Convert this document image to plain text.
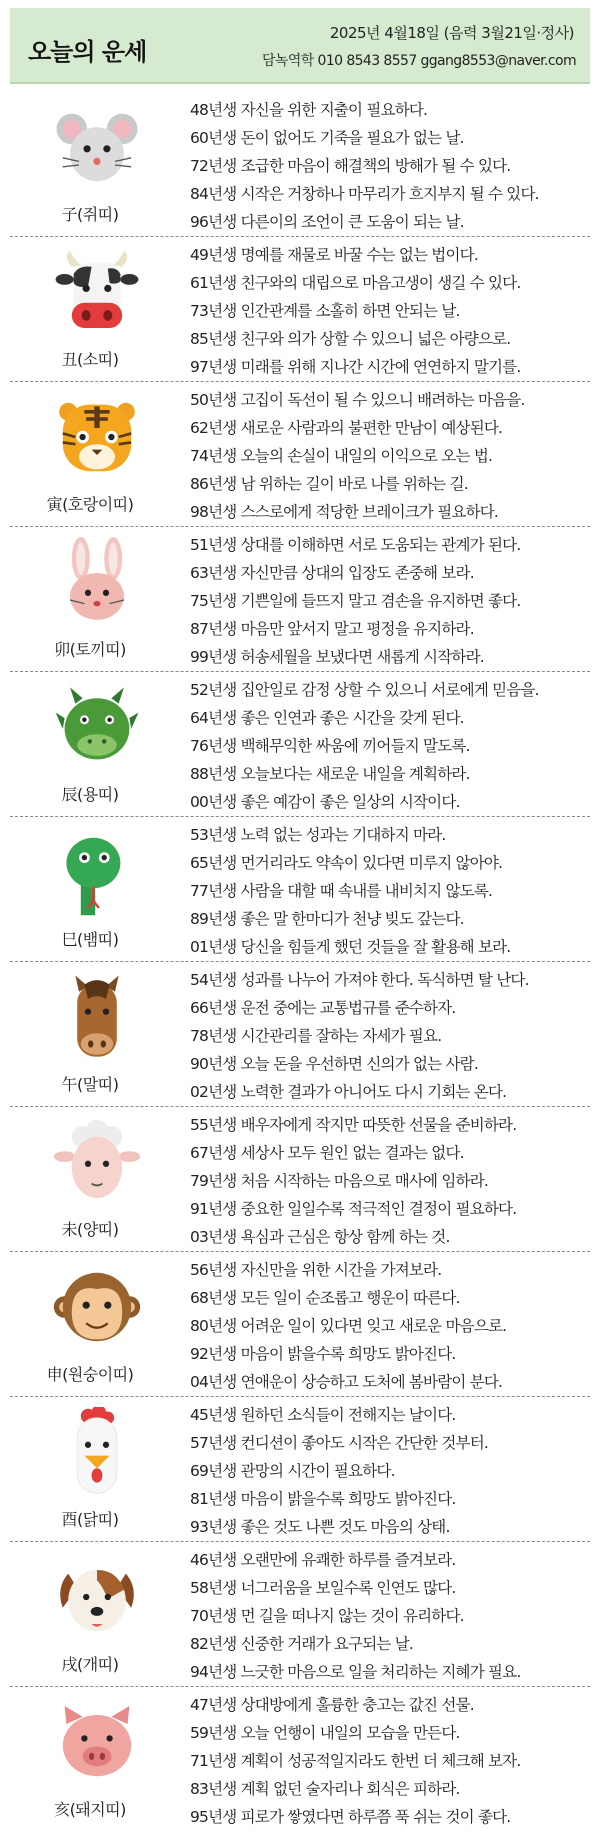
오늘의 운세
2025년 4월18일 (음력 3월21일·정사)
담녹역학 010 8543 8557 ggang8553@naver.com
子(쥐띠)
48년생 자신을 위한 지출이 필요하다.
60년생 돈이 없어도 기죽을 필요가 없는 날.
72년생 조급한 마음이 해결책의 방해가 될 수 있다.
84년생 시작은 거창하나 마무리가 흐지부지 될 수 있다.
96년생 다른이의 조언이 큰 도움이 되는 날.
丑(소띠)
49년생 명예를 재물로 바꿀 수는 없는 법이다.
61년생 친구와의 대립으로 마음고생이 생길 수 있다.
73년생 인간관계를 소홀히 하면 안되는 날.
85년생 친구와 의가 상할 수 있으니 넓은 아량으로.
97년생 미래를 위해 지나간 시간에 연연하지 말기를.
寅(호랑이띠)
50년생 고집이 독선이 될 수 있으니 배려하는 마음을.
62년생 새로운 사람과의 불편한 만남이 예상된다.
74년생 오늘의 손실이 내일의 이익으로 오는 법.
86년생 남 위하는 길이 바로 나를 위하는 길.
98년생 스스로에게 적당한 브레이크가 필요하다.
卯(토끼띠)
51년생 상대를 이해하면 서로 도움되는 관계가 된다.
63년생 자신만큼 상대의 입장도 존중해 보라.
75년생 기쁜일에 들뜨지 말고 겸손을 유지하면 좋다.
87년생 마음만 앞서지 말고 평정을 유지하라.
99년생 허송세월을 보냈다면 새롭게 시작하라.
辰(용띠)
52년생 집안일로 감정 상할 수 있으니 서로에게 믿음을.
64년생 좋은 인연과 좋은 시간을 갖게 된다.
76년생 백해무익한 싸움에 끼어들지 말도록.
88년생 오늘보다는 새로운 내일을 계획하라.
00년생 좋은 예감이 좋은 일상의 시작이다.
巳(뱀띠)
53년생 노력 없는 성과는 기대하지 마라.
65년생 먼거리라도 약속이 있다면 미루지 않아야.
77년생 사람을 대할 때 속내를 내비치지 않도록.
89년생 좋은 말 한마디가 천냥 빚도 갚는다.
01년생 당신을 힘들게 했던 것들을 잘 활용해 보라.
午(말띠)
54년생 성과를 나누어 가져야 한다. 독식하면 탈 난다.
66년생 운전 중에는 교통법규를 준수하자.
78년생 시간관리를 잘하는 자세가 필요.
90년생 오늘 돈을 우선하면 신의가 없는 사람.
02년생 노력한 결과가 아니어도 다시 기회는 온다.
未(양띠)
55년생 배우자에게 작지만 따뜻한 선물을 준비하라.
67년생 세상사 모두 원인 없는 결과는 없다.
79년생 처음 시작하는 마음으로 매사에 임하라.
91년생 중요한 일일수록 적극적인 결정이 필요하다.
03년생 욕심과 근심은 항상 함께 하는 것.
申(원숭이띠)
56년생 자신만을 위한 시간을 가져보라.
68년생 모든 일이 순조롭고 행운이 따른다.
80년생 어려운 일이 있다면 잊고 새로운 마음으로.
92년생 마음이 밝을수록 희망도 밝아진다.
04년생 연애운이 상승하고 도처에 봄바람이 분다.
酉(닭띠)
45년생 원하던 소식들이 전해지는 날이다.
57년생 컨디션이 좋아도 시작은 간단한 것부터.
69년생 관망의 시간이 필요하다.
81년생 마음이 밝을수록 희망도 밝아진다.
93년생 좋은 것도 나쁜 것도 마음의 상태.
戌(개띠)
46년생 오랜만에 유쾌한 하루를 즐겨보라.
58년생 너그러움을 보일수록 인연도 많다.
70년생 먼 길을 떠나지 않는 것이 유리하다.
82년생 신중한 거래가 요구되는 날.
94년생 느긋한 마음으로 일을 처리하는 지혜가 필요.
亥(돼지띠)
47년생 상대방에게 훌륭한 충고는 값진 선물.
59년생 오늘 언행이 내일의 모습을 만든다.
71년생 계획이 성공적일지라도 한번 더 체크해 보자.
83년생 계획 없던 술자리나 회식은 피하라.
95년생 피로가 쌓였다면 하루쯤 푹 쉬는 것이 좋다.
